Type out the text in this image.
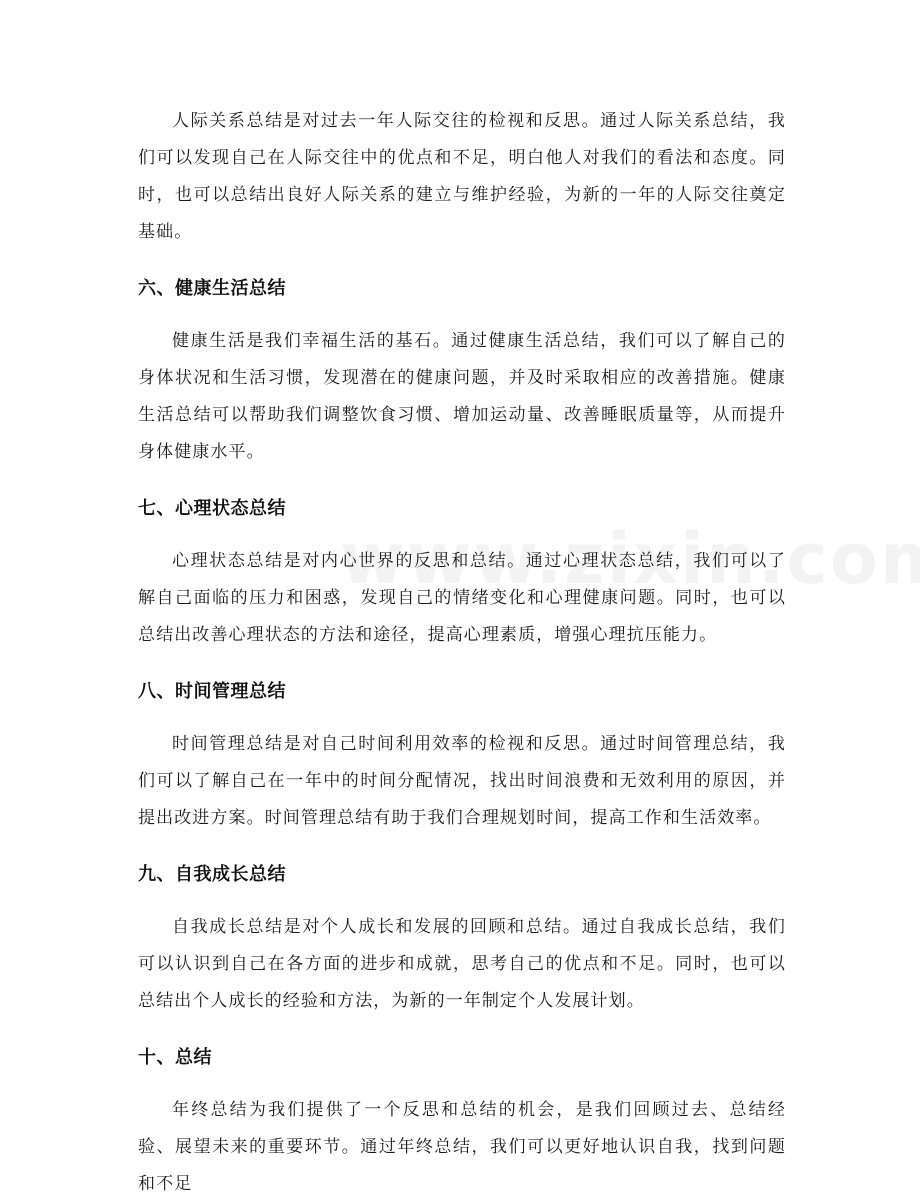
人际关系总结是对过去一年人际交往的检视和反思。通过人际关系总结，我们可以发现自己在人际交往中的优点和不足，明白他人对我们的看法和态度。同时，也可以总结出良好人际关系的建立与维护经验，为新的一年的人际交往奠定基础。

六、健康生活总结

健康生活是我们幸福生活的基石。通过健康生活总结，我们可以了解自己的身体状况和生活习惯，发现潜在的健康问题，并及时采取相应的改善措施。健康生活总结可以帮助我们调整饮食习惯、增加运动量、改善睡眠质量等，从而提升身体健康水平。

七、心理状态总结

心理状态总结是对内心世界的反思和总结。通过心理状态总结，我们可以了解自己面临的压力和困惑，发现自己的情绪变化和心理健康问题。同时，也可以总结出改善心理状态的方法和途径，提高心理素质，增强心理抗压能力。

八、时间管理总结

时间管理总结是对自己时间利用效率的检视和反思。通过时间管理总结，我们可以了解自己在一年中的时间分配情况，找出时间浪费和无效利用的原因，并提出改进方案。时间管理总结有助于我们合理规划时间，提高工作和生活效率。

九、自我成长总结

自我成长总结是对个人成长和发展的回顾和总结。通过自我成长总结，我们可以认识到自己在各方面的进步和成就，思考自己的优点和不足。同时，也可以总结出个人成长的经验和方法，为新的一年制定个人发展计划。

十、总结

年终总结为我们提供了一个反思和总结的机会，是我们回顾过去、总结经验、展望未来的重要环节。通过年终总结，我们可以更好地认识自我，找到问题和不足
